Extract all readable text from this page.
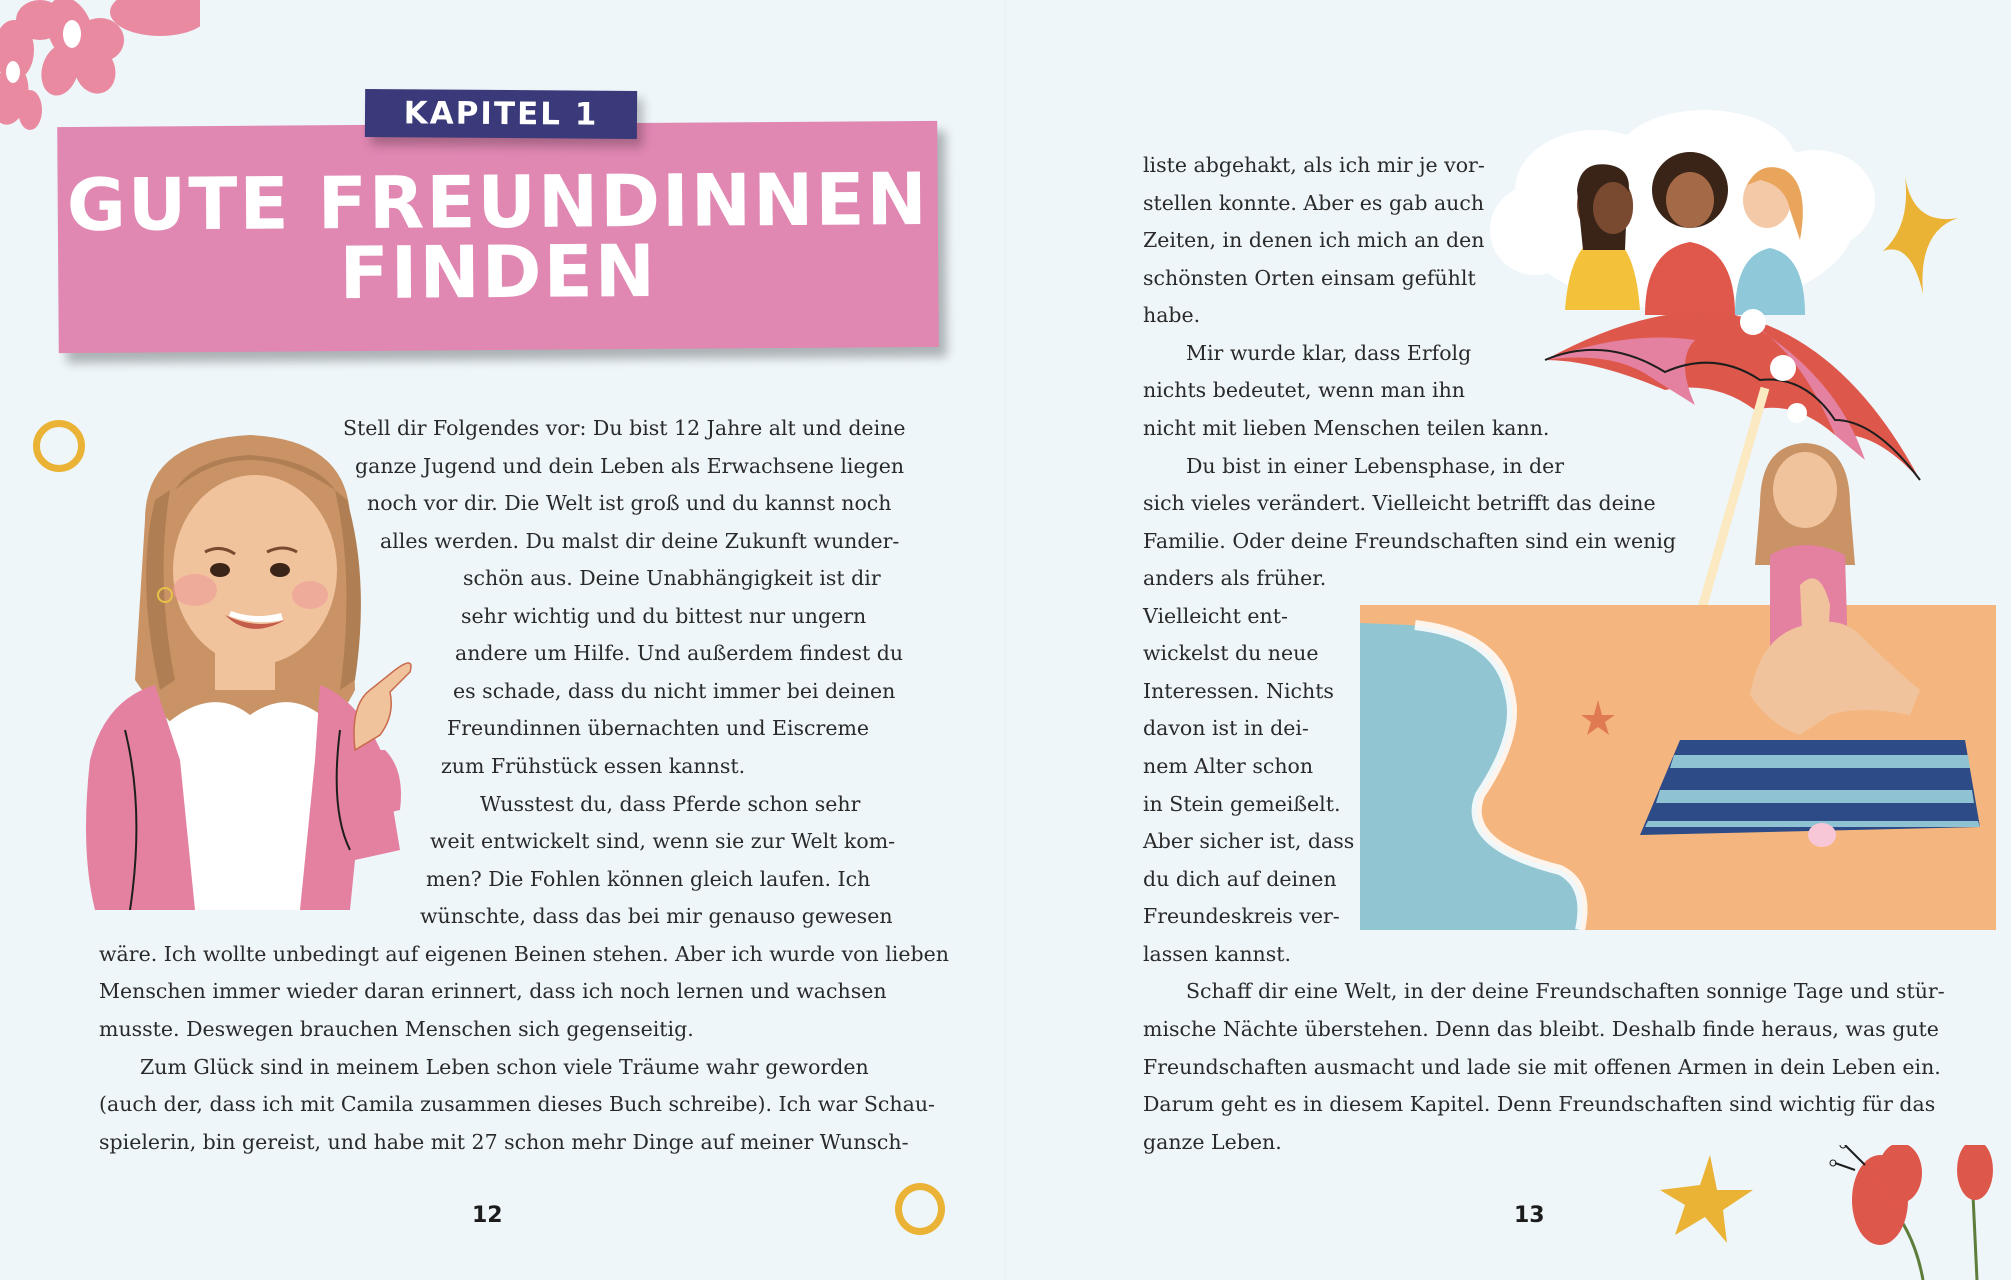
KAPITEL 1
GUTE FREUNDINNEN
FINDEN
Stell dir Folgendes vor: Du bist 12 Jahre alt und deine
ganze Jugend und dein Leben als Erwachsene liegen
noch vor dir. Die Welt ist groß und du kannst noch
alles werden. Du malst dir deine Zukunft wunder-
schön aus. Deine Unabhängigkeit ist dir
sehr wichtig und du bittest nur ungern
andere um Hilfe. Und außerdem findest du
es schade, dass du nicht immer bei deinen
Freundinnen übernachten und Eiscreme
zum Frühstück essen kannst.
Wusstest du, dass Pferde schon sehr
weit entwickelt sind, wenn sie zur Welt kom-
men? Die Fohlen können gleich laufen. Ich
wünschte, dass das bei mir genauso gewesen
wäre. Ich wollte unbedingt auf eigenen Beinen stehen. Aber ich wurde von lieben
Menschen immer wieder daran erinnert, dass ich noch lernen und wachsen
musste. Deswegen brauchen Menschen sich gegenseitig.
Zum Glück sind in meinem Leben schon viele Träume wahr geworden
(auch der, dass ich mit Camila zusammen dieses Buch schreibe). Ich war Schau-
spielerin, bin gereist, und habe mit 27 schon mehr Dinge auf meiner Wunsch-
12
liste abgehakt, als ich mir je vor-
stellen konnte. Aber es gab auch
Zeiten, in denen ich mich an den
schönsten Orten einsam gefühlt
habe.
Mir wurde klar, dass Erfolg
nichts bedeutet, wenn man ihn
nicht mit lieben Menschen teilen kann.
Du bist in einer Lebensphase, in der
sich vieles verändert. Vielleicht betrifft das deine
Familie. Oder deine Freundschaften sind ein wenig
anders als früher.
Vielleicht ent-
wickelst du neue
Interessen. Nichts
davon ist in dei-
nem Alter schon
in Stein gemeißelt.
Aber sicher ist, dass
du dich auf deinen
Freundeskreis ver-
lassen kannst.
Schaff dir eine Welt, in der deine Freundschaften sonnige Tage und stür-
mische Nächte überstehen. Denn das bleibt. Deshalb finde heraus, was gute
Freundschaften ausmacht und lade sie mit offenen Armen in dein Leben ein.
Darum geht es in diesem Kapitel. Denn Freundschaften sind wichtig für das
ganze Leben.
13
